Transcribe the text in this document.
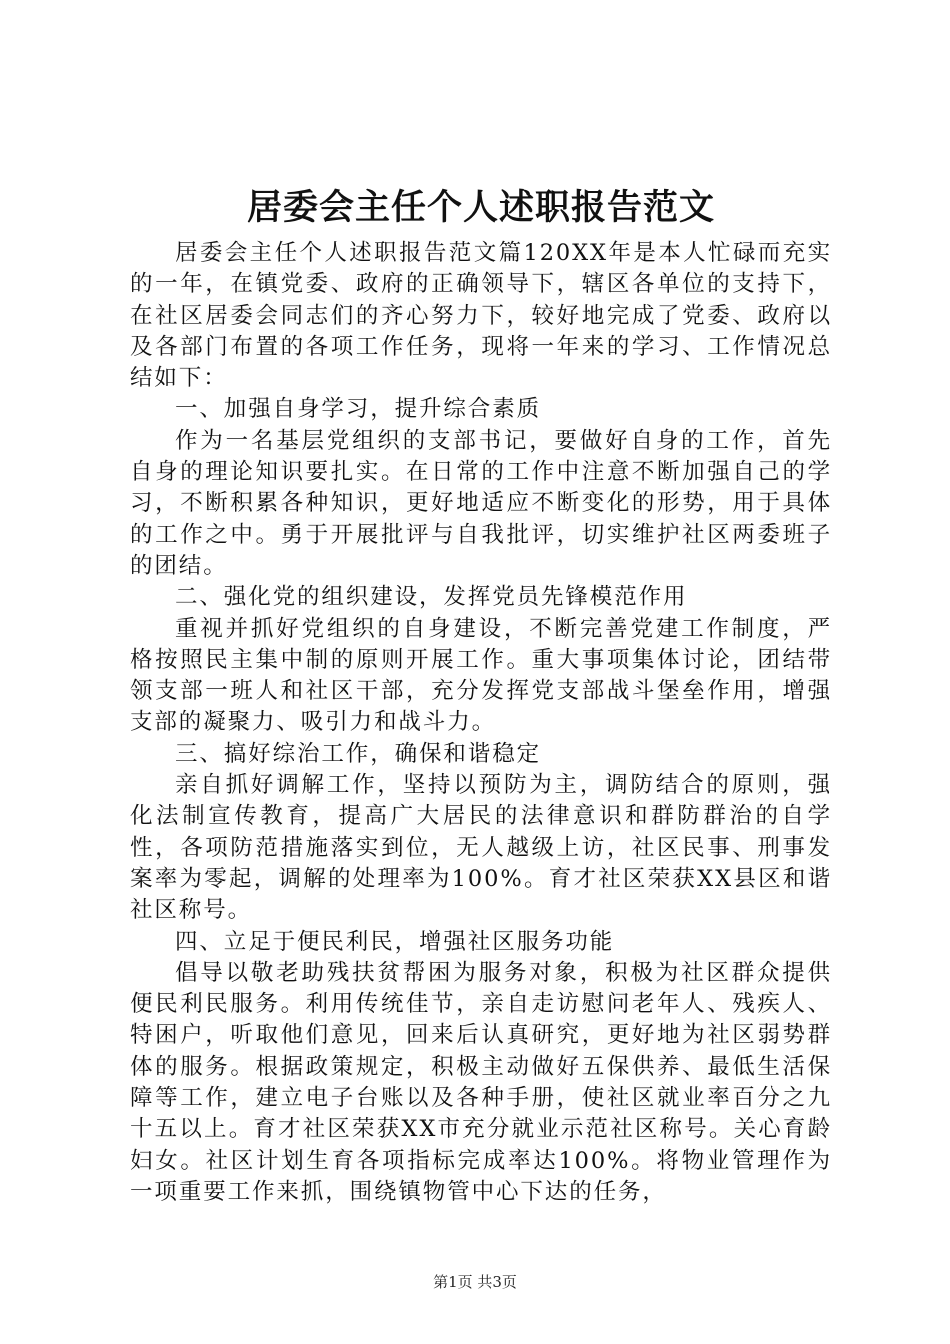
居委会主任个人述职报告范文

居委会主任个人述职报告范文篇120XX年是本人忙碌而充实的一年，在镇党委、政府的正确领导下，辖区各单位的支持下，在社区居委会同志们的齐心努力下，较好地完成了党委、政府以及各部门布置的各项工作任务，现将一年来的学习、工作情况总结如下：

一、加强自身学习，提升综合素质

作为一名基层党组织的支部书记，要做好自身的工作，首先自身的理论知识要扎实。在日常的工作中注意不断加强自己的学习，不断积累各种知识，更好地适应不断变化的形势，用于具体的工作之中。勇于开展批评与自我批评，切实维护社区两委班子的团结。

二、强化党的组织建设，发挥党员先锋模范作用

重视并抓好党组织的自身建设，不断完善党建工作制度，严格按照民主集中制的原则开展工作。重大事项集体讨论，团结带领支部一班人和社区干部，充分发挥党支部战斗堡垒作用，增强支部的凝聚力、吸引力和战斗力。

三、搞好综治工作，确保和谐稳定

亲自抓好调解工作，坚持以预防为主，调防结合的原则，强化法制宣传教育，提高广大居民的法律意识和群防群治的自学性，各项防范措施落实到位，无人越级上访，社区民事、刑事发案率为零起，调解的处理率为100%。育才社区荣获XX县区和谐社区称号。

四、立足于便民利民，增强社区服务功能

倡导以敬老助残扶贫帮困为服务对象，积极为社区群众提供便民利民服务。利用传统佳节，亲自走访慰问老年人、残疾人、特困户，听取他们意见，回来后认真研究，更好地为社区弱势群体的服务。根据政策规定，积极主动做好五保供养、最低生活保障等工作，建立电子台账以及各种手册，使社区就业率百分之九十五以上。育才社区荣获XX市充分就业示范社区称号。关心育龄妇女。社区计划生育各项指标完成率达100%。将物业管理作为一项重要工作来抓，围绕镇物管中心下达的任务，

第1页 共3页
